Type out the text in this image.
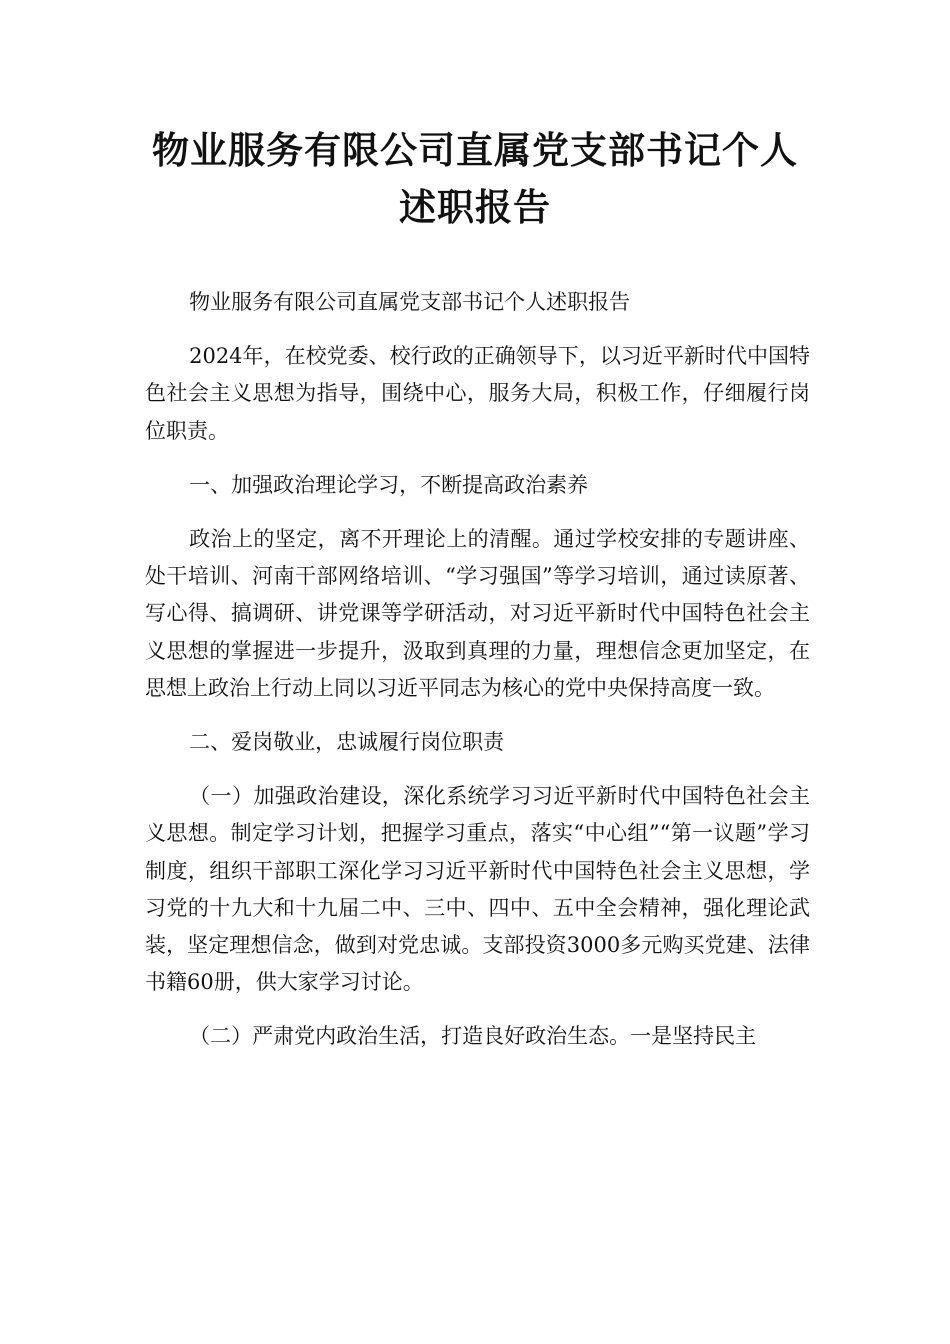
物业服务有限公司直属党支部书记个人
述职报告

物业服务有限公司直属党支部书记个人述职报告

2024年，在校党委、校行政的正确领导下，以习近平新时代中国特色社会主义思想为指导，围绕中心，服务大局，积极工作，仔细履行岗位职责。

一、加强政治理论学习，不断提高政治素养

政治上的坚定，离不开理论上的清醒。通过学校安排的专题讲座、处干培训、河南干部网络培训、“学习强国”等学习培训，通过读原著、写心得、搞调研、讲党课等学研活动，对习近平新时代中国特色社会主义思想的掌握进一步提升，汲取到真理的力量，理想信念更加坚定，在思想上政治上行动上同以习近平同志为核心的党中央保持高度一致。

二、爱岗敬业，忠诚履行岗位职责

（一）加强政治建设，深化系统学习习近平新时代中国特色社会主义思想。制定学习计划，把握学习重点，落实“中心组”“第一议题”学习制度，组织干部职工深化学习习近平新时代中国特色社会主义思想，学习党的十九大和十九届二中、三中、四中、五中全会精神，强化理论武装，坚定理想信念，做到对党忠诚。支部投资3000多元购买党建、法律书籍60册，供大家学习讨论。

（二）严肃党内政治生活，打造良好政治生态。一是坚持民主
